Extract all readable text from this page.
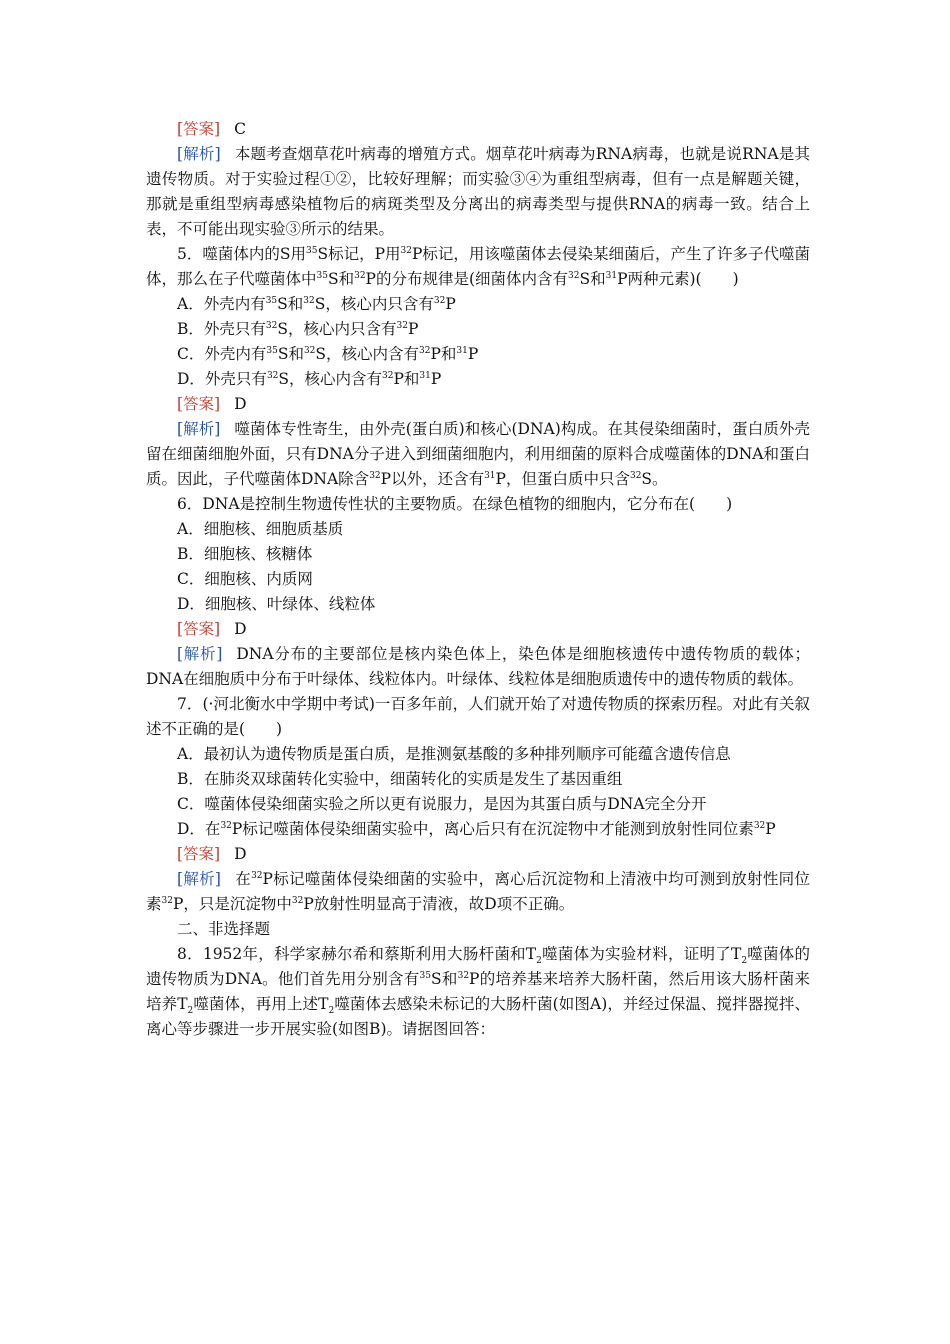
[答案] C

[解析] 本题考查烟草花叶病毒的增殖方式。烟草花叶病毒为RNA病毒，也就是说RNA是其遗传物质。对于实验过程①②，比较好理解；而实验③④为重组型病毒，但有一点是解题关键，那就是重组型病毒感染植物后的病斑类型及分离出的病毒类型与提供RNA的病毒一致。结合上表，不可能出现实验③所示的结果。

5．噬菌体内的S用$^{35}$S标记，P用$^{32}$P标记，用该噬菌体去侵染某细菌后，产生了许多子代噬菌体，那么在子代噬菌体中$^{35}$S和$^{32}$P的分布规律是(细菌体内含有$^{32}$S和$^{31}$P两种元素)(　　)

A．外壳内有$^{35}$S和$^{32}$S，核心内只含有$^{32}$P

B．外壳只有$^{32}$S，核心内只含有$^{32}$P

C．外壳内有$^{35}$S和$^{32}$S，核心内含有$^{32}$P和$^{31}$P

D．外壳只有$^{32}$S，核心内含有$^{32}$P和$^{31}$P

[答案] D

[解析] 噬菌体专性寄生，由外壳(蛋白质)和核心(DNA)构成。在其侵染细菌时，蛋白质外壳留在细菌细胞外面，只有DNA分子进入到细菌细胞内，利用细菌的原料合成噬菌体的DNA和蛋白质。因此，子代噬菌体DNA除含$^{32}$P以外，还含有$^{31}$P，但蛋白质中只含$^{32}$S。

6．DNA是控制生物遗传性状的主要物质。在绿色植物的细胞内，它分布在(　　)

A．细胞核、细胞质基质

B．细胞核、核糖体

C．细胞核、内质网

D．细胞核、叶绿体、线粒体

[答案] D

[解析] DNA分布的主要部位是核内染色体上，染色体是细胞核遗传中遗传物质的载体；DNA在细胞质中分布于叶绿体、线粒体内。叶绿体、线粒体是细胞质遗传中的遗传物质的载体。

7．(·河北衡水中学期中考试)一百多年前，人们就开始了对遗传物质的探索历程。对此有关叙述不正确的是(　　)

A．最初认为遗传物质是蛋白质，是推测氨基酸的多种排列顺序可能蕴含遗传信息

B．在肺炎双球菌转化实验中，细菌转化的实质是发生了基因重组

C．噬菌体侵染细菌实验之所以更有说服力，是因为其蛋白质与DNA完全分开

D．在$^{32}$P标记噬菌体侵染细菌实验中，离心后只有在沉淀物中才能测到放射性同位素$^{32}$P

[答案] D

[解析] 在$^{32}$P标记噬菌体侵染细菌的实验中，离心后沉淀物和上清液中均可测到放射性同位素$^{32}$P，只是沉淀物中$^{32}$P放射性明显高于清液，故D项不正确。

二、非选择题

8．1952年，科学家赫尔希和蔡斯利用大肠杆菌和$T_2$噬菌体为实验材料，证明了$T_2$噬菌体的遗传物质为DNA。他们首先用分别含有$^{35}$S和$^{32}$P的培养基来培养大肠杆菌，然后用该大肠杆菌来培养$T_2$噬菌体，再用上述$T_2$噬菌体去感染未标记的大肠杆菌(如图A)，并经过保温、搅拌器搅拌、离心等步骤进一步开展实验(如图B)。请据图回答：
